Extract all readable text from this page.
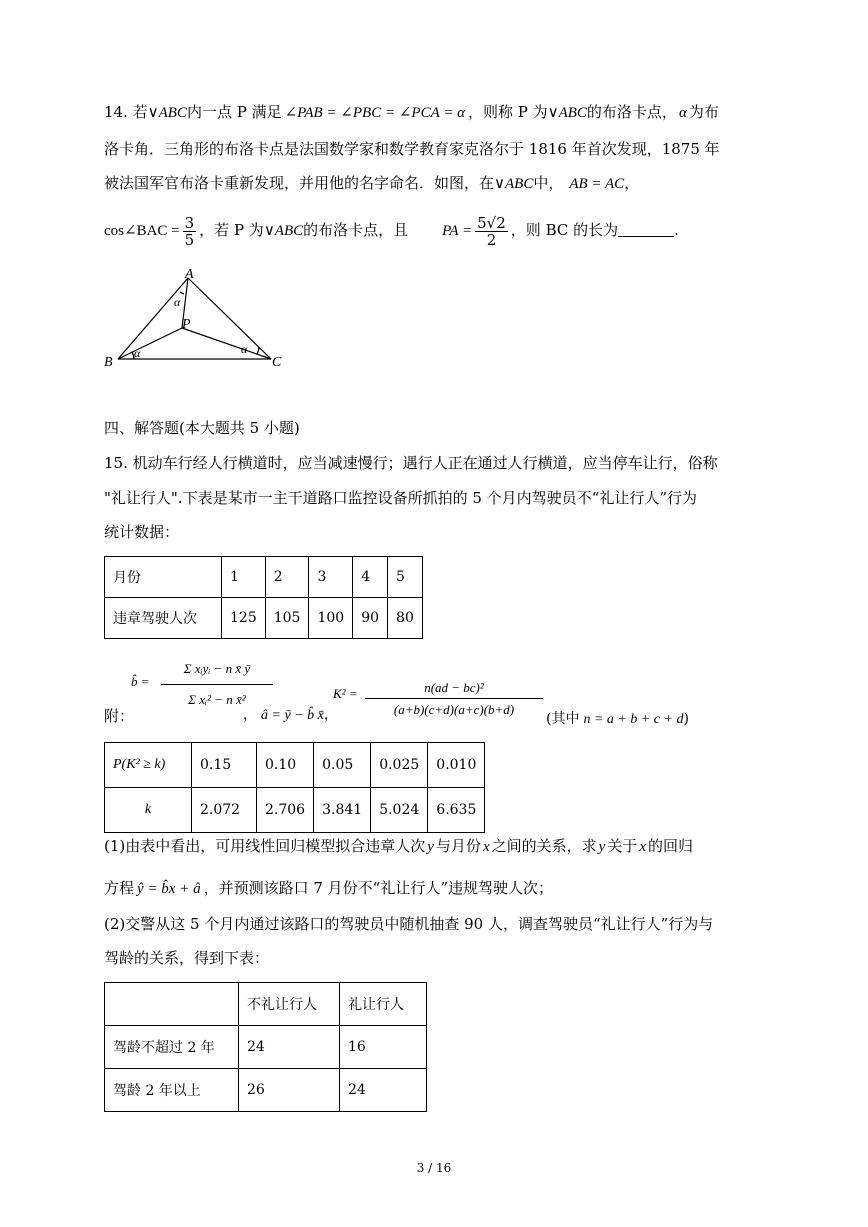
14. 若∨ABC内一点 P 满足 ∠PAB = ∠PBC = ∠PCA = α ，则称 P 为∨ABC的布洛卡点， α 为布
洛卡角．三角形的布洛卡点是法国数学家和数学教育家克洛尔于 1816 年首次发现，1875 年
被法国军官布洛卡重新发现，并用他的名字命名．如图，在∨ABC中， AB = AC，
cos∠BAC = $\frac{3}{5}$ ，若 P 为∨ABC的布洛卡点，且 PA = $\frac{5√2}{2}$ ，则 BC 的长为	.
A
B	C
P
α
α	α
四、解答题(本大题共 5 小题)
15. 机动车行经人行横道时，应当减速慢行；遇行人正在通过人行横道，应当停车让行，俗称
"礼让行人".下表是某市一主干道路口监控设备所抓拍的 5 个月内驾驶员不“礼让行人”行为
统计数据：
月份	1	2	3	4	5
违章驾驶人次	125	105	100	90	80
附：
b̂ =
Σ xᵢyᵢ − n x̄ ȳ
Σ xᵢ² − n x̄²
， â = ȳ − b̂ x̄，
$K^2 = \frac{\text{n(ad − bc)²}}{(a+b)(c+d)(a+c)(b+d)}$ (其中 n = a + b + c + d)
P(K² ≥ k)	0.15	0.10	0.05	0.025	0.010
k	2.072	2.706	3.841	5.024	6.635
(1)由表中看出，可用线性回归模型拟合违章人次 y 与月份 x 之间的关系，求 y 关于 x 的回归
方程 ŷ = b̂x + â ，并预测该路口 7 月份不“礼让行人”违规驾驶人次；
(2)交警从这 5 个月内通过该路口的驾驶员中随机抽查 90 人，调查驾驶员“礼让行人”行为与
驾龄的关系，得到下表：
	不礼让行人	礼让行人
驾龄不超过 2 年	24	16
驾龄 2 年以上	26	24
3 / 16
